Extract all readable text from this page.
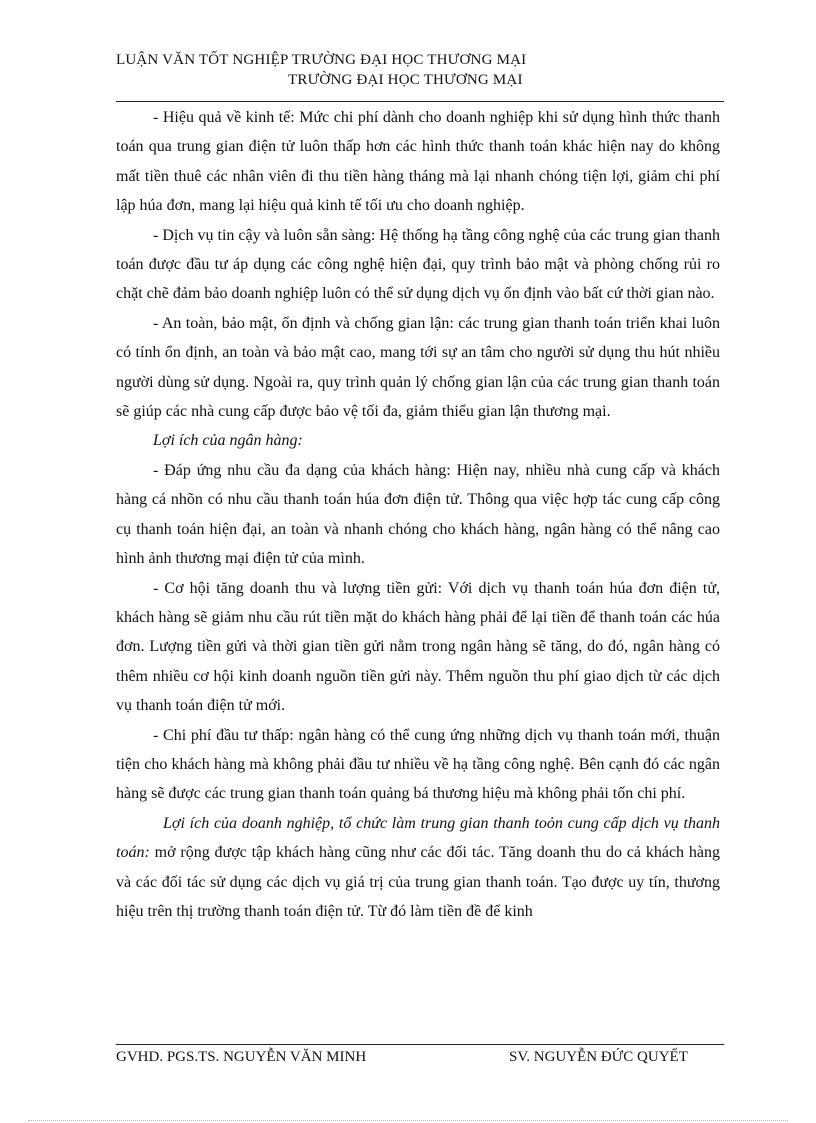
LUẬN VĂN TỐT NGHIỆP TRƯỜNG ĐẠI HỌC THƯƠNG MẠI

TRƯỜNG ĐẠI HỌC THƯƠNG MẠI

- Hiệu quả về kinh tế: Mức chi phí dành cho doanh nghiệp khi sử dụng hình thức thanh toán qua trung gian điện tử luôn thấp hơn các hình thức thanh toán khác hiện nay do không mất tiền thuê các nhân viên đi thu tiền hàng tháng mà lại nhanh chóng tiện lợi, giảm chi phí lập húa đơn, mang lại hiệu quả kinh tế tối ưu cho doanh nghiệp.

- Dịch vụ tin cậy và luôn sẵn sàng: Hệ thống hạ tầng công nghệ của các trung gian thanh toán được đầu tư áp dụng các công nghệ hiện đại, quy trình bảo mật và phòng chống rủi ro chặt chẽ đảm bảo doanh nghiệp luôn có thể sử dụng dịch vụ ổn định vào bất cứ thời gian nào.

- An toàn, bảo mật, ổn định và chống gian lận: các trung gian thanh toán triển khai luôn có tính ổn định, an toàn và bảo mật cao, mang tới sự an tâm cho người sử dụng thu hút nhiều người dùng sử dụng. Ngoài ra, quy trình quản lý chống gian lận của các trung gian thanh toán sẽ giúp các nhà cung cấp được bảo vệ tối đa, giảm thiểu gian lận thương mại.

Lợi ích của ngân hàng:

- Đáp ứng nhu cầu đa dạng của khách hàng: Hiện nay, nhiều nhà cung cấp và khách hàng cá nhõn có nhu cầu thanh toán húa đơn điện tử. Thông qua việc hợp tác cung cấp công cụ thanh toán hiện đại, an toàn và nhanh chóng cho khách hàng, ngân hàng có thể nâng cao hình ảnh thương mại điện tử của mình.

- Cơ hội tăng doanh thu và lượng tiền gửi: Với dịch vụ thanh toán húa đơn điện tử, khách hàng sẽ giảm nhu cầu rút tiền mặt do khách hàng phải để lại tiền để thanh toán các húa đơn. Lượng tiền gửi và thời gian tiền gửi nằm trong ngân hàng sẽ tăng, do đó, ngân hàng có thêm nhiều cơ hội kinh doanh nguồn tiền gửi này. Thêm nguồn thu phí giao dịch từ các dịch vụ thanh toán điện tử mới.

- Chi phí đầu tư thấp: ngân hàng có thể cung ứng những dịch vụ thanh toán mới, thuận tiện cho khách hàng mà không phải đầu tư nhiều về hạ tầng công nghệ. Bên cạnh đó các ngân hàng sẽ được các trung gian thanh toán quảng bá thương hiệu mà không phải tốn chi phí.

Lợi ích của doanh nghiệp, tổ chức làm trung gian thanh toỏn cung cấp dịch vụ thanh toán: mở rộng được tập khách hàng cũng như các đối tác. Tăng doanh thu do cả khách hàng và các đối tác sử dụng các dịch vụ giá trị của trung gian thanh toán. Tạo được uy tín, thương hiệu trên thị trường thanh toán điện tử. Từ đó làm tiền đề để kinh

GVHD. PGS.TS. NGUYỄN VĂN MINH	SV. NGUYỄN ĐỨC QUYẾT
